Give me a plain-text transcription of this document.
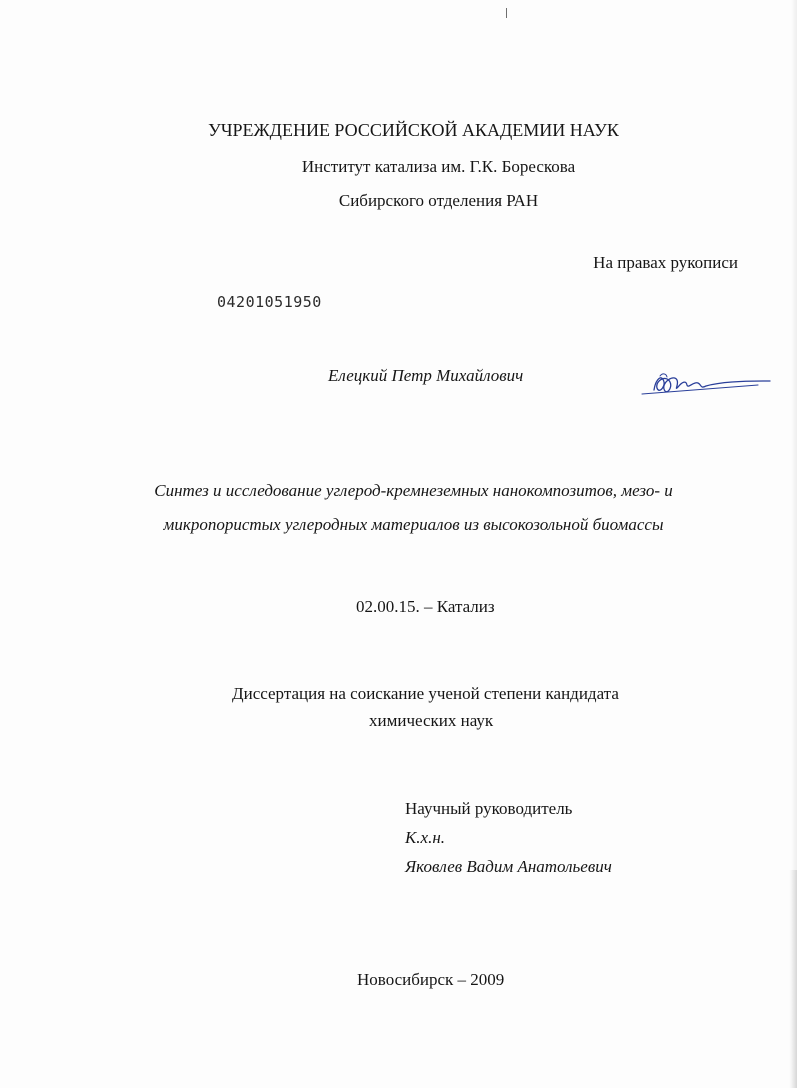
УЧРЕЖДЕНИЕ РОССИЙСКОЙ АКАДЕМИИ НАУК
Институт катализа им. Г.К. Борескова
Сибирского отделения РАН
На правах рукописи
04201051950
Елецкий Петр Михайлович
Синтез и исследование углерод-кремнеземных нанокомпозитов, мезо- и
микропористых углеродных материалов из высокозольной биомассы
02.00.15. – Катализ
Диссертация на соискание ученой степени кандидата
химических наук
Научный руководитель
К.х.н.
Яковлев Вадим Анатольевич
Новосибирск – 2009
